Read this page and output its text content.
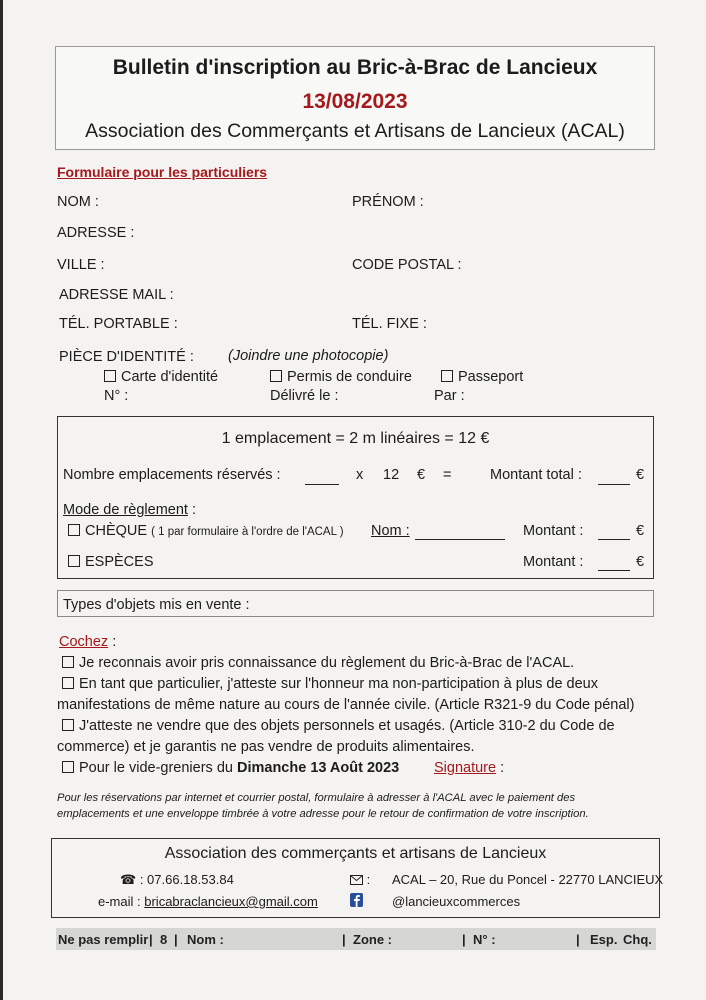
Bulletin d'inscription au Bric-à-Brac de Lancieux
13/08/2023
Association des Commerçants et Artisans de Lancieux (ACAL)
Formulaire pour les particuliers
NOM :	PRÉNOM :
ADRESSE :
VILLE :	CODE POSTAL :
ADRESSE MAIL :
TÉL. PORTABLE :	TÉL. FIXE :
PIÈCE D'IDENTITÉ : (Joindre une photocopie)
Carte d'identité	Permis de conduire	Passeport
N° :	Délivré le :	Par :
1 emplacement = 2 m linéaires = 12 €
Nombre emplacements réservés :	x 12 € =	Montant total :	€
Mode de règlement :
CHÈQUE ( 1 par formulaire à l'ordre de l'ACAL ) Nom :	Montant :	€
ESPÈCES	Montant :	€
Types d'objets mis en vente :
Cochez :
Je reconnais avoir pris connaissance du règlement du Bric-à-Brac de l'ACAL.
En tant que particulier, j'atteste sur l'honneur ma non-participation à plus de deux
manifestations de même nature au cours de l'année civile. (Article R321-9 du Code pénal)
J'atteste ne vendre que des objets personnels et usagés. (Article 310-2 du Code de
commerce) et je garantis ne pas vendre de produits alimentaires.
Pour le vide-greniers du Dimanche 13 Août 2023 Signature :
Pour les réservations par internet et courrier postal, formulaire à adresser à l'ACAL avec le paiement des
emplacements et une enveloppe timbrée à votre adresse pour le retour de confirmation de votre inscription.
Association des commerçants et artisans de Lancieux
☎ : 07.66.18.53.84	: ACAL – 20, Rue du Poncel - 22770 LANCIEUX
e-mail : bricabraclancieux@gmail.com	@lancieuxcommerces
Ne pas remplir | 8 | Nom :	| Zone :	| N° :	| Esp. Chq.
